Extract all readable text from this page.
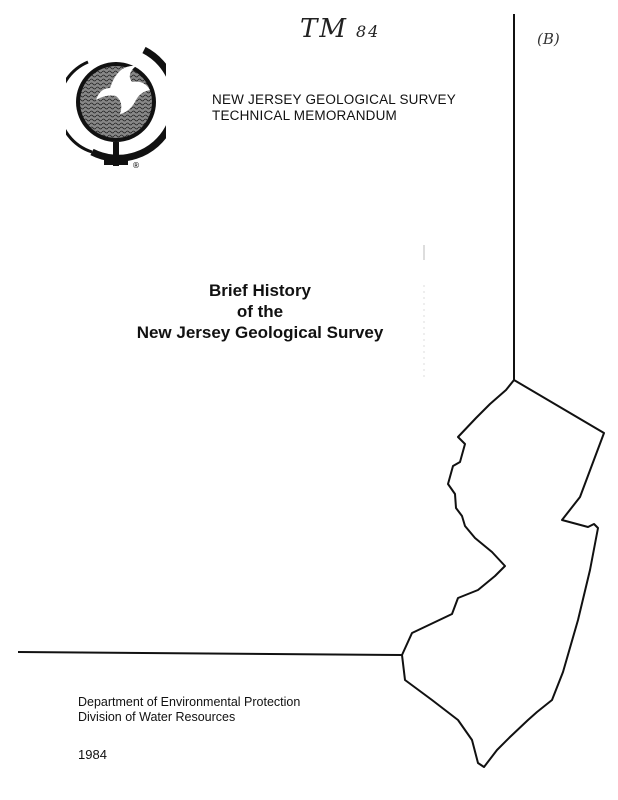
TM 84	(B)
®
NEW JERSEY GEOLOGICAL SURVEY
TECHNICAL MEMORANDUM
Brief History
of the
New Jersey Geological Survey
Department of Environmental Protection
Division of Water Resources
1984
